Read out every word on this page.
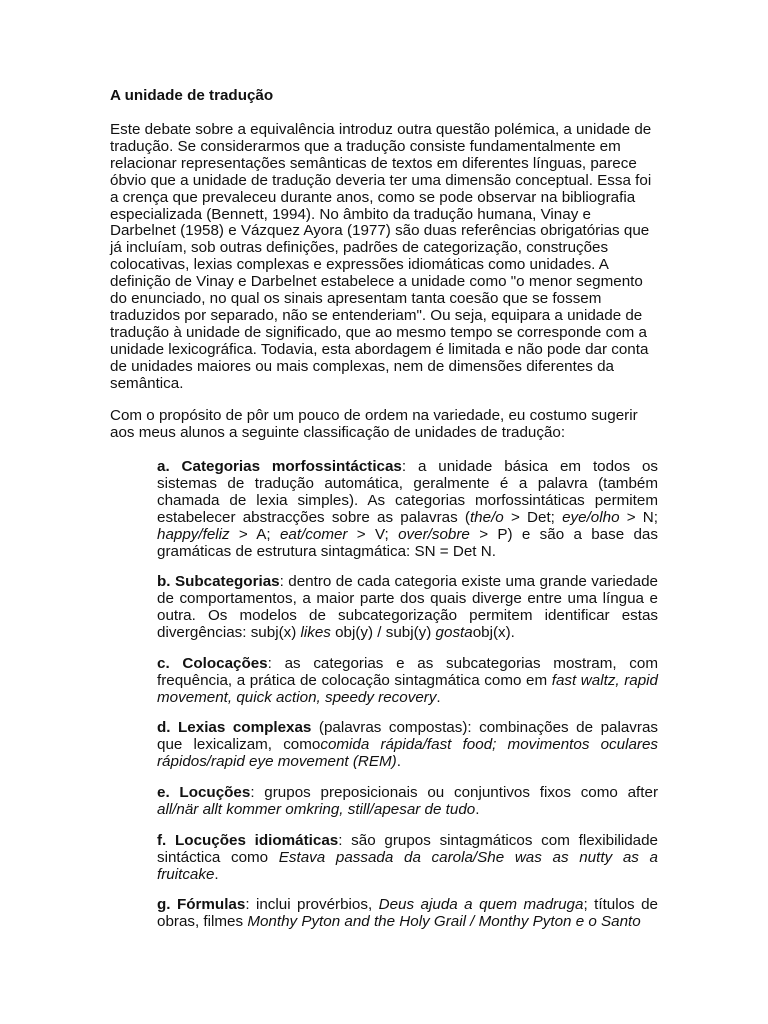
A unidade de tradução

Este debate sobre a equivalência introduz outra questão polémica, a unidade de tradução. Se considerarmos que a tradução consiste fundamentalmente em relacionar representações semânticas de textos em diferentes línguas, parece óbvio que a unidade de tradução deveria ter uma dimensão conceptual. Essa foi a crença que prevaleceu durante anos, como se pode observar na bibliografia especializada (Bennett, 1994). No âmbito da tradução humana, Vinay e Darbelnet (1958) e Vázquez Ayora (1977) são duas referências obrigatórias que já incluíam, sob outras definições, padrões de categorização, construções colocativas, lexias complexas e expressões idiomáticas como unidades. A definição de Vinay e Darbelnet estabelece a unidade como "o menor segmento do enunciado, no qual os sinais apresentam tanta coesão que se fossem traduzidos por separado, não se entenderiam". Ou seja, equipara a unidade de tradução à unidade de significado, que ao mesmo tempo se corresponde com a unidade lexicográfica. Todavia, esta abordagem é limitada e não pode dar conta de unidades maiores ou mais complexas, nem de dimensões diferentes da semântica.

Com o propósito de pôr um pouco de ordem na variedade, eu costumo sugerir aos meus alunos a seguinte classificação de unidades de tradução:

a. Categorias morfossintácticas: a unidade básica em todos os sistemas de tradução automática, geralmente é a palavra (também chamada de lexia simples). As categorias morfossintáticas permitem estabelecer abstracções sobre as palavras (the/o > Det; eye/olho > N; happy/feliz > A; eat/comer > V; over/sobre > P) e são a base das gramáticas de estrutura sintagmática: SN = Det N.

b. Subcategorias: dentro de cada categoria existe uma grande variedade de comportamentos, a maior parte dos quais diverge entre uma língua e outra. Os modelos de subcategorização permitem identificar estas divergências: subj(x) likes obj(y) / subj(y) gostaobj(x).

c. Colocações: as categorias e as subcategorias mostram, com frequência, a prática de colocação sintagmática como em fast waltz, rapid movement, quick action, speedy recovery.

d. Lexias complexas (palavras compostas): combinações de palavras que lexicalizam, comocomida rápida/fast food; movimentos oculares rápidos/rapid eye movement (REM).

e. Locuções: grupos preposicionais ou conjuntivos fixos como after all/när allt kommer omkring, still/apesar de tudo.

f. Locuções idiomáticas: são grupos sintagmáticos com flexibilidade sintáctica como Estava passada da carola/She was as nutty as a fruitcake.

g. Fórmulas: inclui provérbios, Deus ajuda a quem madruga; títulos de obras, filmes Monthy Pyton and the Holy Grail / Monthy Pyton e o Santo
